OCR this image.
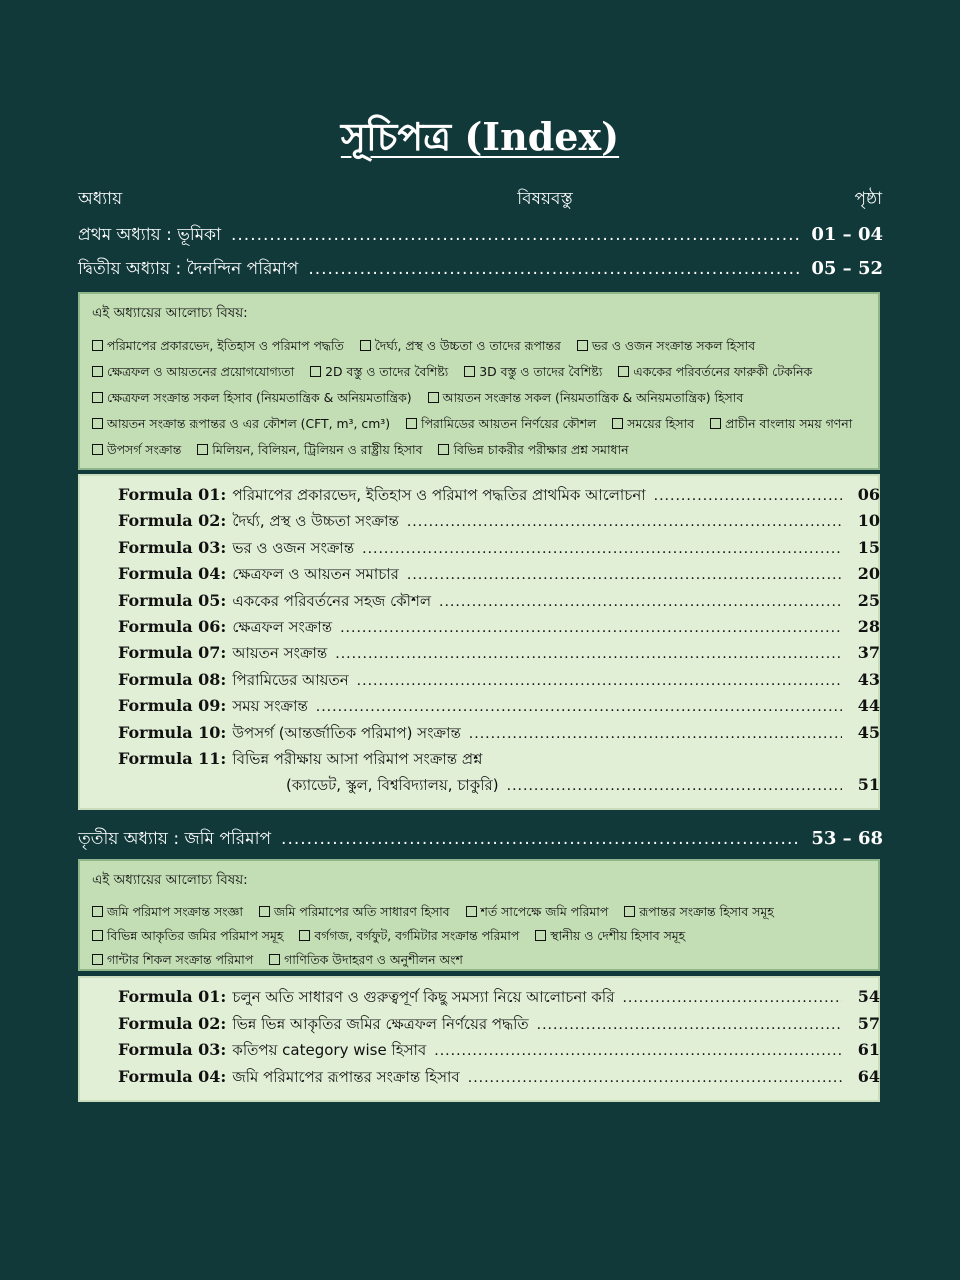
সূচিপত্র (Index)
অধ্যায়	বিষয়বস্তু	পৃষ্ঠা
প্রথম অধ্যায় : ভূমিকা .....	01 – 04
দ্বিতীয় অধ্যায় : দৈনন্দিন পরিমাপ .....	05 – 52
এই অধ্যায়ের আলোচ্য বিষয়:
পরিমাপের প্রকারভেদ, ইতিহাস ও পরিমাপ পদ্ধতি দৈর্ঘ্য, প্রস্থ ও উচ্চতা ও তাদের রূপান্তর ভর ও ওজন সংক্রান্ত সকল হিসাব ক্ষেত্রফল ও আয়তনের প্রয়োগযোগ্যতা 2D বস্তু ও তাদের বৈশিষ্ট্য 3D বস্তু ও তাদের বৈশিষ্ট্য এককের পরিবর্তনের ফারুকী টেকনিক ক্ষেত্রফল সংক্রান্ত সকল হিসাব (নিয়মতান্ত্রিক & অনিয়মতান্ত্রিক) আয়তন সংক্রান্ত সকল (নিয়মতান্ত্রিক & অনিয়মতান্ত্রিক) হিসাব আয়তন সংক্রান্ত রূপান্তর ও এর কৌশল (CFT, m³, cm³) পিরামিডের আয়তন নির্ণয়ের কৌশল সময়ের হিসাব প্রাচীন বাংলায় সময় গণনা উপসর্গ সংক্রান্ত মিলিয়ন, বিলিয়ন, ট্রিলিয়ন ও রাষ্ট্রীয় হিসাব বিভিন্ন চাকরীর পরীক্ষার প্রশ্ন সমাধান
Formula 01: পরিমাপের প্রকারভেদ, ইতিহাস ও পরিমাপ পদ্ধতির প্রাথমিক আলোচনা .....	06
Formula 02: দৈর্ঘ্য, প্রস্থ ও উচ্চতা সংক্রান্ত .....	10
Formula 03: ভর ও ওজন সংক্রান্ত .....	15
Formula 04: ক্ষেত্রফল ও আয়তন সমাচার .....	20
Formula 05: এককের পরিবর্তনের সহজ কৌশল .....	25
Formula 06: ক্ষেত্রফল সংক্রান্ত .....	28
Formula 07: আয়তন সংক্রান্ত .....	37
Formula 08: পিরামিডের আয়তন .....	43
Formula 09: সময় সংক্রান্ত .....	44
Formula 10: উপসর্গ (আন্তর্জাতিক পরিমাপ) সংক্রান্ত .....	45
Formula 11: বিভিন্ন পরীক্ষায় আসা পরিমাপ সংক্রান্ত প্রশ্ন
(ক্যাডেট, স্কুল, বিশ্ববিদ্যালয়, চাকুরি) .....	51
তৃতীয় অধ্যায় : জমি পরিমাপ .....	53 – 68
এই অধ্যায়ের আলোচ্য বিষয়:
জমি পরিমাপ সংক্রান্ত সংজ্ঞা জমি পরিমাপের অতি সাধারণ হিসাব শর্ত সাপেক্ষে জমি পরিমাপ রূপান্তর সংক্রান্ত হিসাব সমূহ বিভিন্ন আকৃতির জমির পরিমাপ সমূহ বর্গগজ, বর্গফুট, বর্গমিটার সংক্রান্ত পরিমাপ স্থানীয় ও দেশীয় হিসাব সমূহ গান্টার শিকল সংক্রান্ত পরিমাপ গাণিতিক উদাহরণ ও অনুশীলন অংশ
Formula 01: চলুন অতি সাধারণ ও গুরুত্বপূর্ণ কিছু সমস্যা নিয়ে আলোচনা করি .....	54
Formula 02: ভিন্ন ভিন্ন আকৃতির জমির ক্ষেত্রফল নির্ণয়ের পদ্ধতি .....	57
Formula 03: কতিপয় category wise হিসাব .....	61
Formula 04: জমি পরিমাপের রূপান্তর সংক্রান্ত হিসাব .....	64
